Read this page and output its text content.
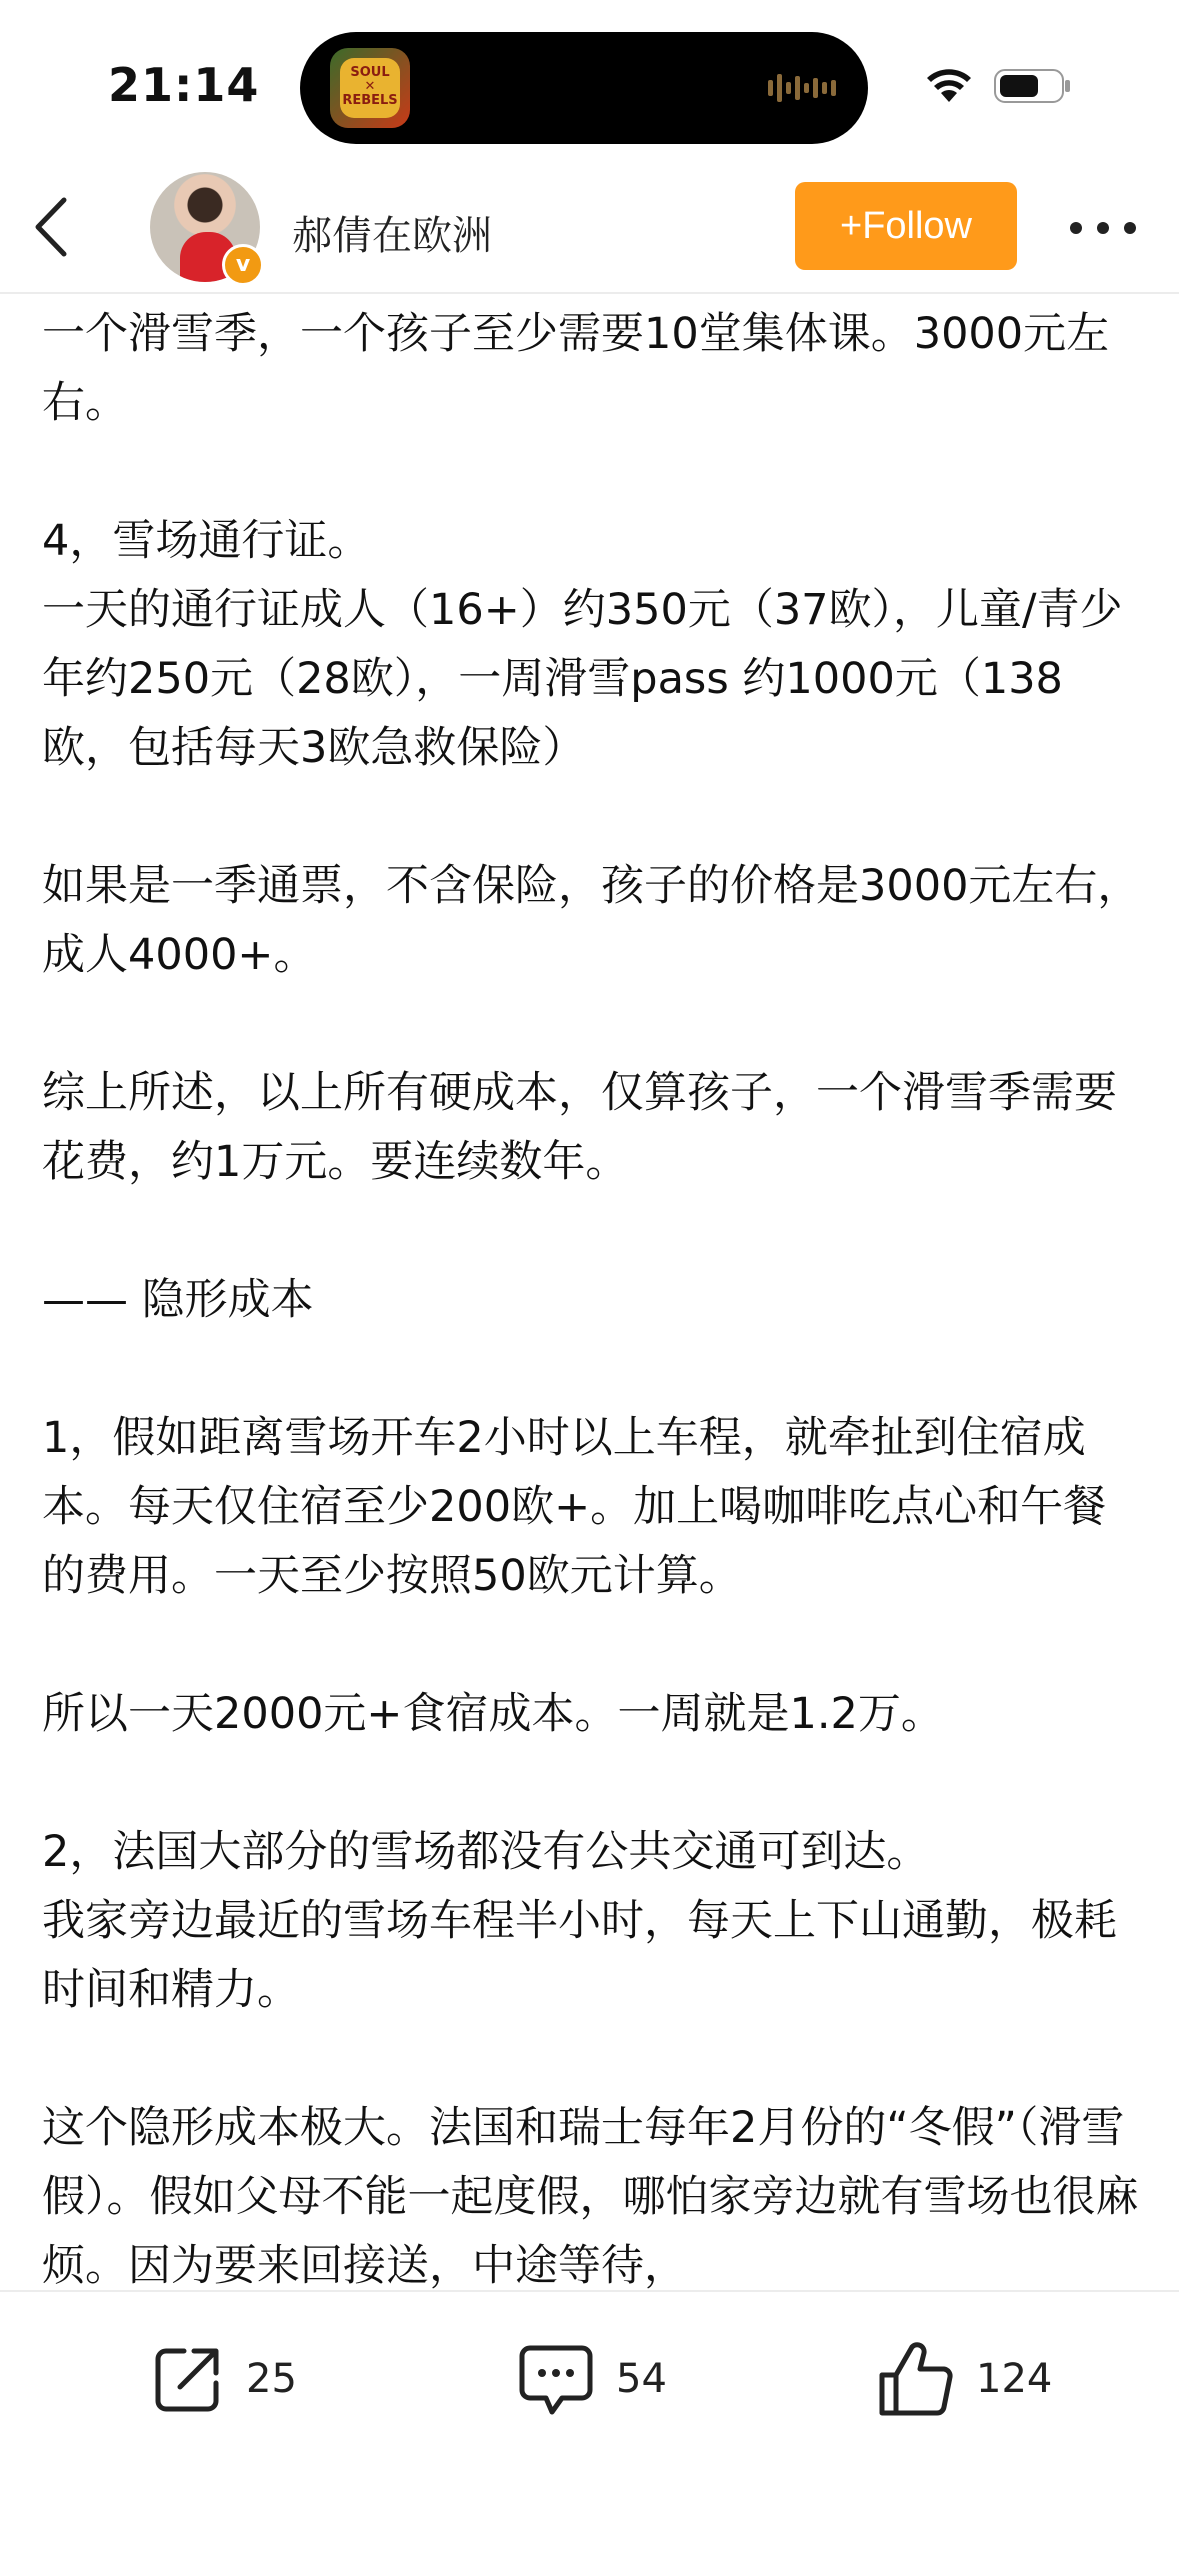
21:14	SOUL
✕
REBELS
v
郝倩在欧洲	+Follow

一个滑雪季，一个孩子至少需要10堂集体课。3000元左右。

4，雪场通行证。
一天的通行证成人（16+）约350元（37欧），儿童/青少年约250元（28欧），一周滑雪pass 约1000元（138欧，包括每天3欧急救保险）

如果是一季通票，不含保险，孩子的价格是3000元左右，成人4000+。

综上所述，以上所有硬成本，仅算孩子，一个滑雪季需要花费，约1万元。要连续数年。

—— 隐形成本

1，假如距离雪场开车2小时以上车程，就牵扯到住宿成本。每天仅住宿至少200欧+。加上喝咖啡吃点心和午餐的费用。一天至少按照50欧元计算。

所以一天2000元+食宿成本。一周就是1.2万。

2，法国大部分的雪场都没有公共交通可到达。
我家旁边最近的雪场车程半小时，每天上下山通勤，极耗时间和精力。

这个隐形成本极大。法国和瑞士每年2月份的“冬假”（滑雪假）。假如父母不能一起度假，哪怕家旁边就有雪场也很麻烦。因为要来回接送，中途等待，

25	54	124
